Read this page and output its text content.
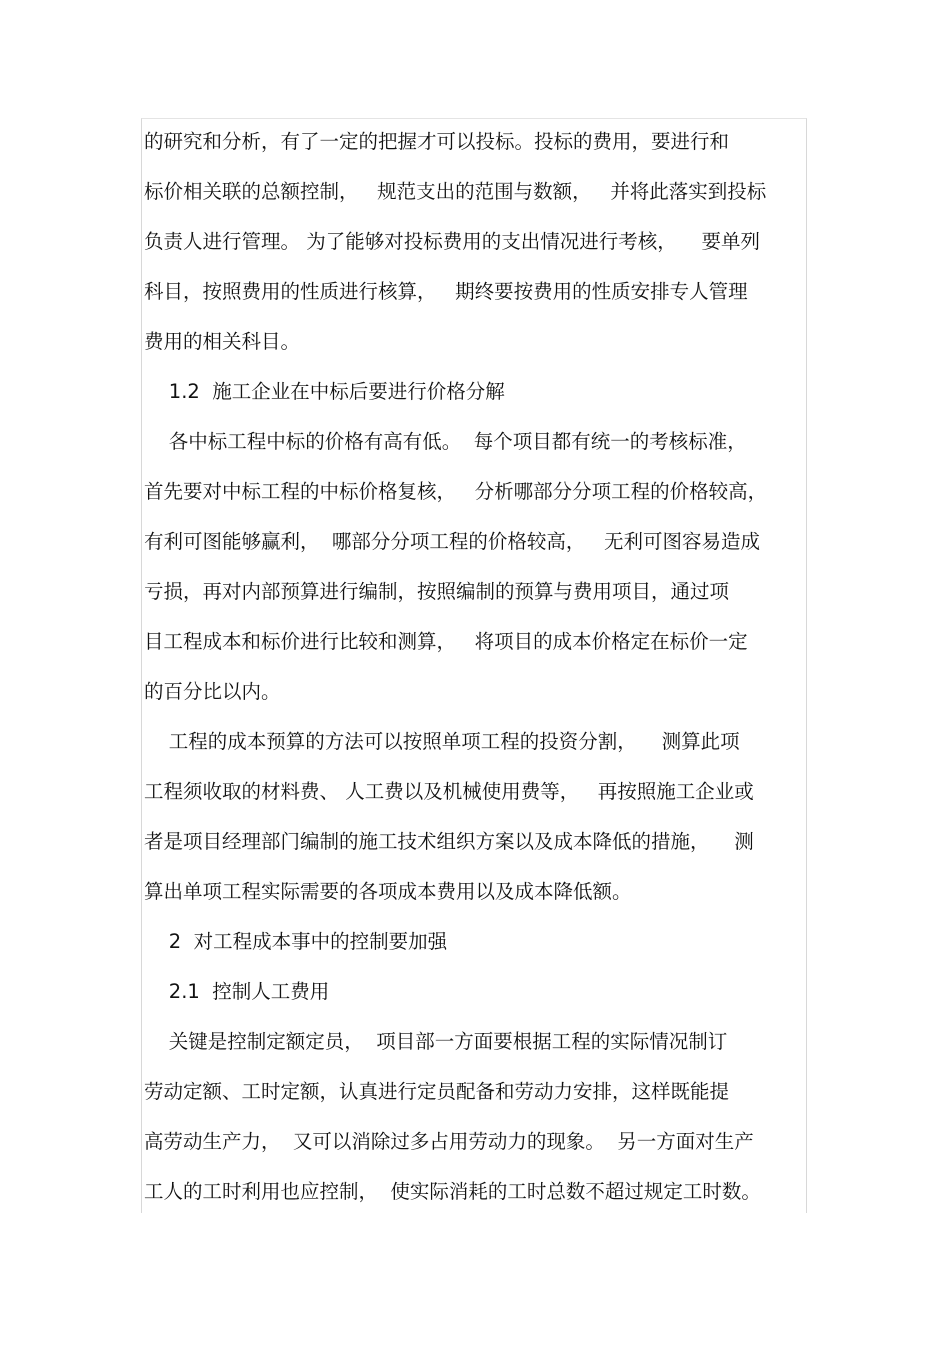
的研究和分析，有了一定的把握才可以投标。投标的费用，要进行和
标价相关联的总额控制，   规范支出的范围与数额，   并将此落实到投标
负责人进行管理。 为了能够对投标费用的支出情况进行考核，    要单列
科目，按照费用的性质进行核算，   期终要按费用的性质安排专人管理
费用的相关科目。
1.2  施工企业在中标后要进行价格分解
各中标工程中标的价格有高有低。  每个项目都有统一的考核标准，
首先要对中标工程的中标价格复核，   分析哪部分分项工程的价格较高，
有利可图能够赢利，  哪部分分项工程的价格较高，   无利可图容易造成
亏损，再对内部预算进行编制，按照编制的预算与费用项目，通过项
目工程成本和标价进行比较和测算，   将项目的成本价格定在标价一定
的百分比以内。
工程的成本预算的方法可以按照单项工程的投资分割，    测算此项
工程须收取的材料费、 人工费以及机械使用费等，   再按照施工企业或
者是项目经理部门编制的施工技术组织方案以及成本降低的措施，    测
算出单项工程实际需要的各项成本费用以及成本降低额。
2  对工程成本事中的控制要加强
2.1  控制人工费用
关键是控制定额定员，  项目部一方面要根据工程的实际情况制订
劳动定额、工时定额，认真进行定员配备和劳动力安排，这样既能提
高劳动生产力，  又可以消除过多占用劳动力的现象。  另一方面对生产
工人的工时利用也应控制，  使实际消耗的工时总数不超过规定工时数。
